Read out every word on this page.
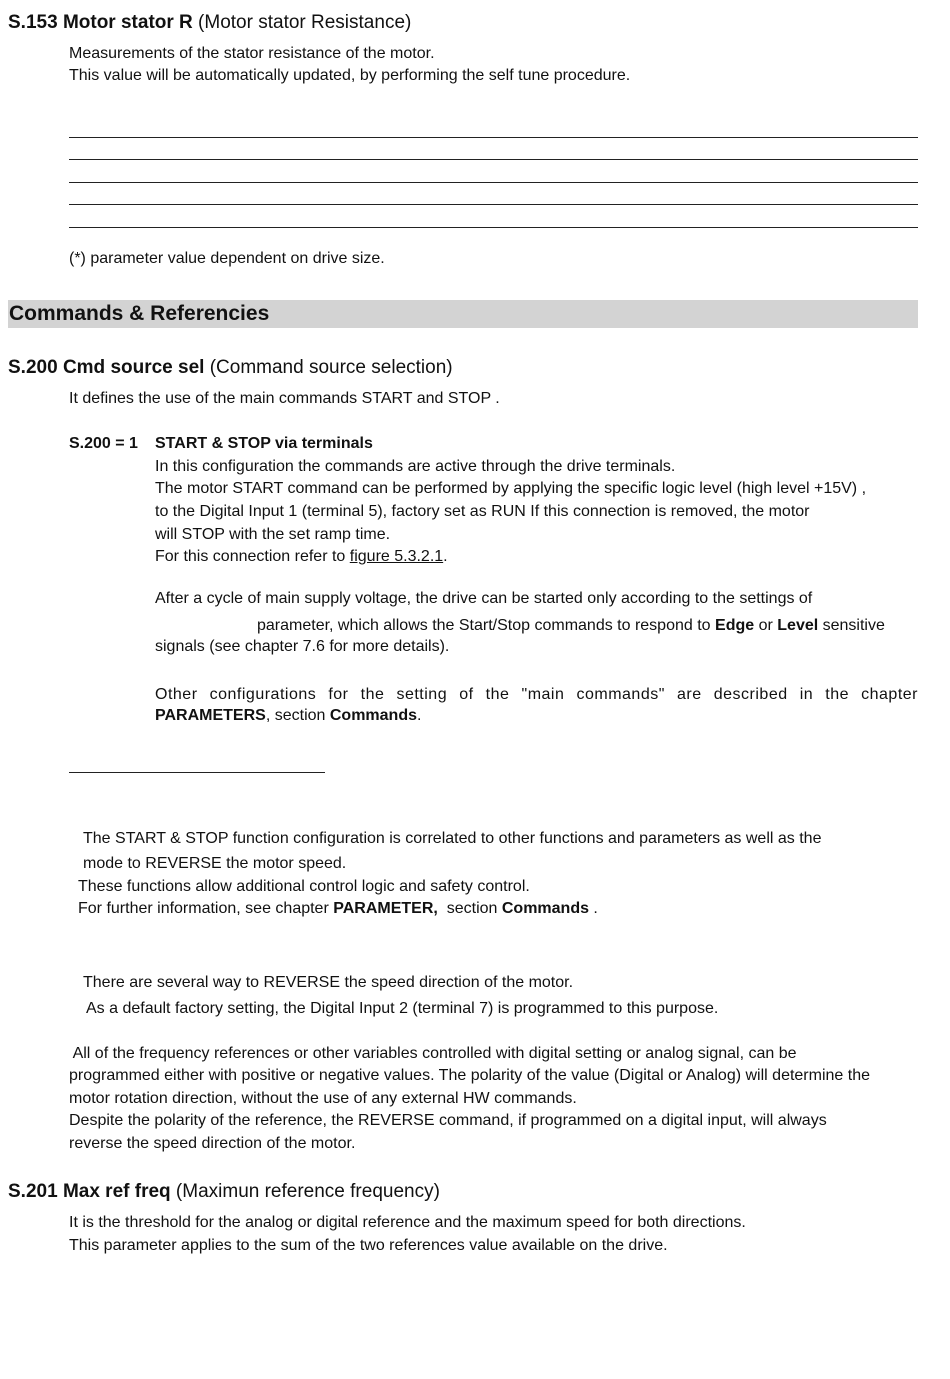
S.153 Motor stator R (Motor stator Resistance)
Measurements of the stator resistance of the motor.
This value will be automatically updated, by performing the self tune procedure.
(*) parameter value dependent on drive size.
Commands & Referencies
S.200 Cmd source sel (Command source selection)
It defines the use of the main commands START and STOP .
S.200 = 1 START & STOP via terminals
In this configuration the commands are active through the drive terminals.
The motor START command can be performed by applying the specific logic level (high level +15V) ,
to the Digital Input 1 (terminal 5), factory set as RUN If this connection is removed, the motor
will STOP with the set ramp time.
For this connection refer to figure 5.3.2.1.
After a cycle of main supply voltage, the drive can be started only according to the settings of
parameter, which allows the Start/Stop commands to respond to Edge or Level sensitive
signals (see chapter 7.6 for more details).
Other configurations for the setting of the "main commands" are described in the chapter
PARAMETERS, section Commands.
The START & STOP function configuration is correlated to other functions and parameters as well as the
mode to REVERSE the motor speed.
These functions allow additional control logic and safety control.
For further information, see chapter PARAMETER,  section Commands .
There are several way to REVERSE the speed direction of the motor.
As a default factory setting, the Digital Input 2 (terminal 7) is programmed to this purpose.
All of the frequency references or other variables controlled with digital setting or analog signal, can be
programmed either with positive or negative values. The polarity of the value (Digital or Analog) will determine the
motor rotation direction, without the use of any external HW commands.
Despite the polarity of the reference, the REVERSE command, if programmed on a digital input, will always
reverse the speed direction of the motor.
S.201 Max ref freq (Maximun reference frequency)
It is the threshold for the analog or digital reference and the maximum speed for both directions.
This parameter applies to the sum of the two references value available on the drive.
